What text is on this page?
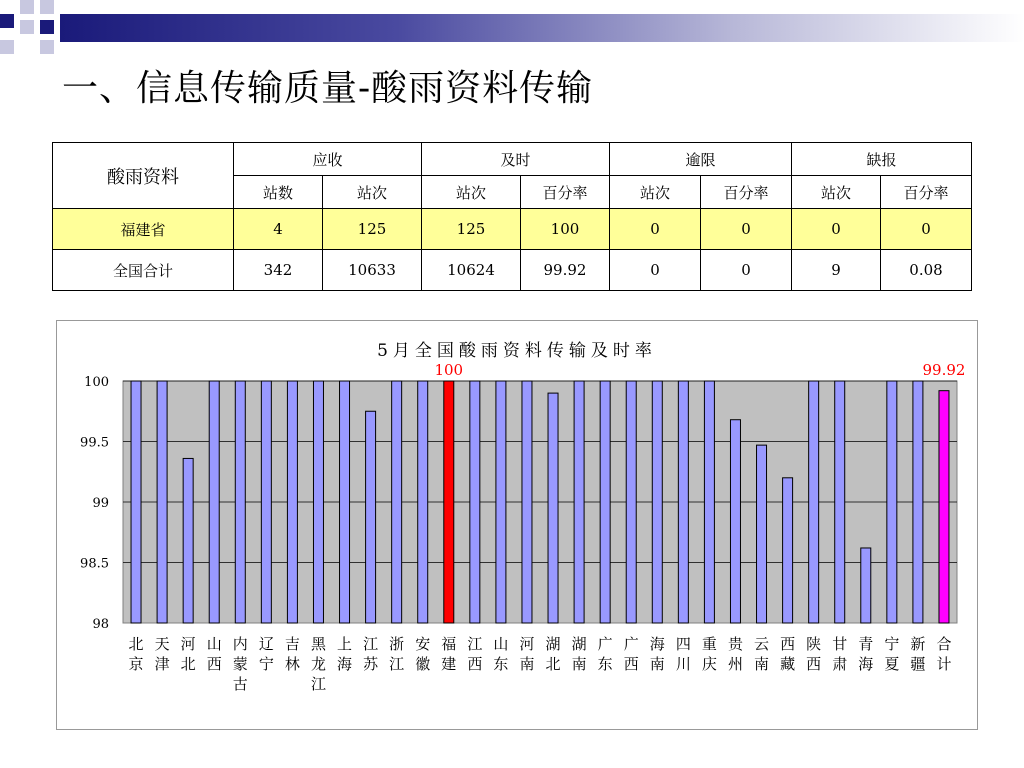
一、信息传输质量-酸雨资料传输
酸雨资料	应收		及时		逾限		缺报	
	站数	站次	站次	百分率	站次	百分率	站次	百分率
福建省	4	125	125	100	0	0	0	0
全国合计	342	10633	10624	99.92	0	0	9	0.08
5月全国酸雨资料传输及时率
98
98.5
99
99.5
100
北
京
天
津
河
北
山
西
内
蒙
古
辽
宁
吉
林
黑
龙
江
上
海
江
苏
浙
江
安
徽
福
建
江
西
山
东
河
南
湖
北
湖
南
广
东
广
西
海
南
四
川
重
庆
贵
州
云
南
西
藏
陕
西
甘
肃
青
海
宁
夏
新
疆
合
计
100	99.92
